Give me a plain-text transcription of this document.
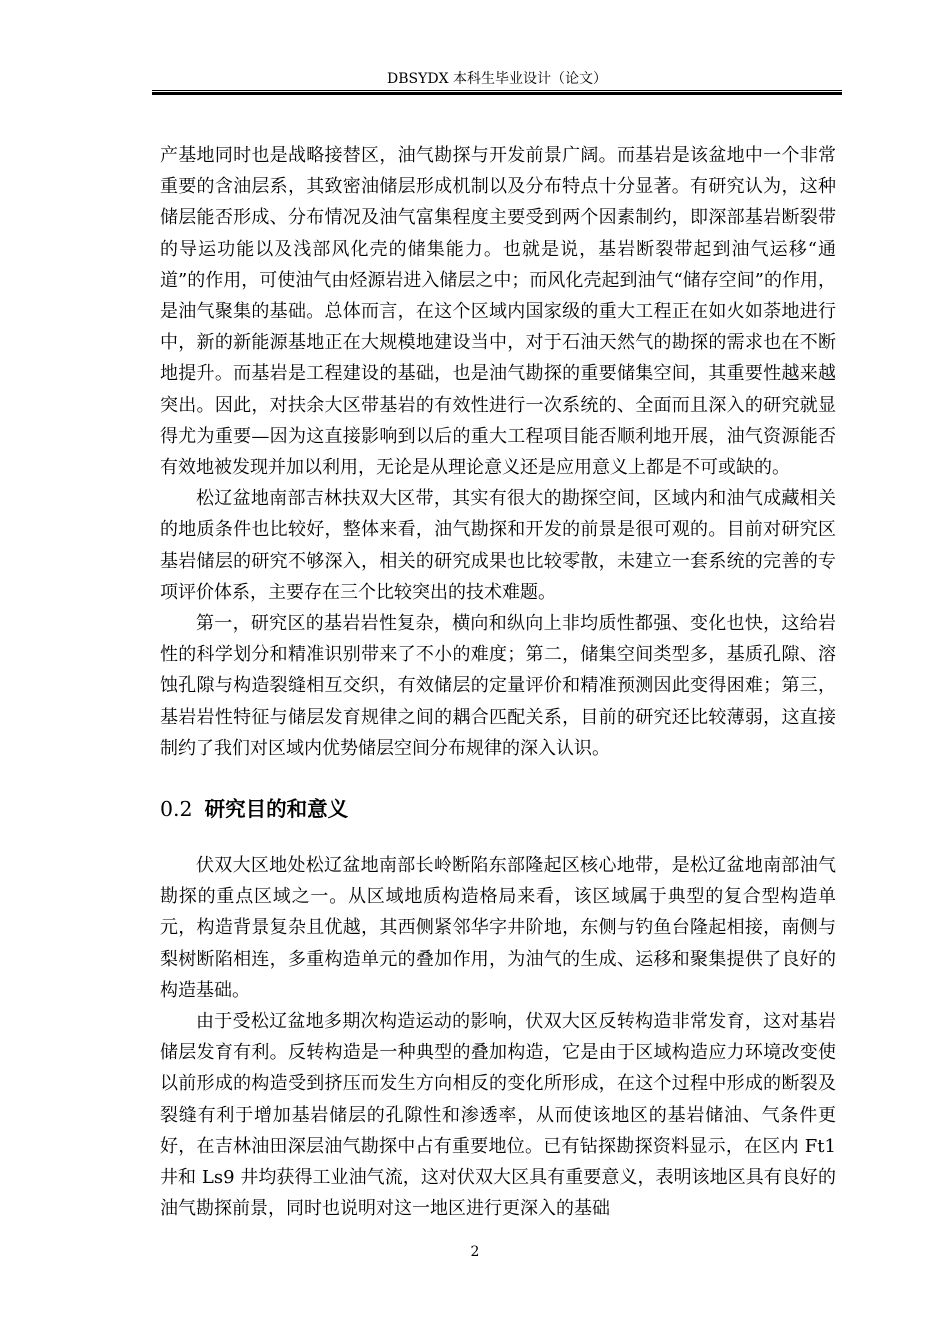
DBSYDX 本科生毕业设计（论文）

产基地同时也是战略接替区，油气勘探与开发前景广阔。而基岩是该盆地中一个非常重要的含油层系，其致密油储层形成机制以及分布特点十分显著。有研究认为，这种储层能否形成、分布情况及油气富集程度主要受到两个因素制约，即深部基岩断裂带的导运功能以及浅部风化壳的储集能力。也就是说，基岩断裂带起到油气运移“通道”的作用，可使油气由烃源岩进入储层之中；而风化壳起到油气“储存空间”的作用，是油气聚集的基础。总体而言，在这个区域内国家级的重大工程正在如火如荼地进行中，新的新能源基地正在大规模地建设当中，对于石油天然气的勘探的需求也在不断地提升。而基岩是工程建设的基础，也是油气勘探的重要储集空间，其重要性越来越突出。因此，对扶余大区带基岩的有效性进行一次系统的、全面而且深入的研究就显得尤为重要—因为这直接影响到以后的重大工程项目能否顺利地开展，油气资源能否有效地被发现并加以利用，无论是从理论意义还是应用意义上都是不可或缺的。

松辽盆地南部吉林扶双大区带，其实有很大的勘探空间，区域内和油气成藏相关的地质条件也比较好，整体来看，油气勘探和开发的前景是很可观的。目前对研究区基岩储层的研究不够深入，相关的研究成果也比较零散，未建立一套系统的完善的专项评价体系，主要存在三个比较突出的技术难题。

第一，研究区的基岩岩性复杂，横向和纵向上非均质性都强、变化也快，这给岩性的科学划分和精准识别带来了不小的难度；第二，储集空间类型多，基质孔隙、溶蚀孔隙与构造裂缝相互交织，有效储层的定量评价和精准预测因此变得困难；第三，基岩岩性特征与储层发育规律之间的耦合匹配关系，目前的研究还比较薄弱，这直接制约了我们对区域内优势储层空间分布规律的深入认识。

0.2 研究目的和意义

伏双大区地处松辽盆地南部长岭断陷东部隆起区核心地带，是松辽盆地南部油气勘探的重点区域之一。从区域地质构造格局来看，该区域属于典型的复合型构造单元，构造背景复杂且优越，其西侧紧邻华字井阶地，东侧与钓鱼台隆起相接，南侧与梨树断陷相连，多重构造单元的叠加作用，为油气的生成、运移和聚集提供了良好的构造基础。

由于受松辽盆地多期次构造运动的影响，伏双大区反转构造非常发育，这对基岩储层发育有利。反转构造是一种典型的叠加构造，它是由于区域构造应力环境改变使以前形成的构造受到挤压而发生方向相反的变化所形成，在这个过程中形成的断裂及裂缝有利于增加基岩储层的孔隙性和渗透率，从而使该地区的基岩储油、气条件更好，在吉林油田深层油气勘探中占有重要地位。已有钻探勘探资料显示，在区内 Ft1 井和 Ls9 井均获得工业油气流，这对伏双大区具有重要意义，表明该地区具有良好的油气勘探前景，同时也说明对这一地区进行更深入的基础

2
